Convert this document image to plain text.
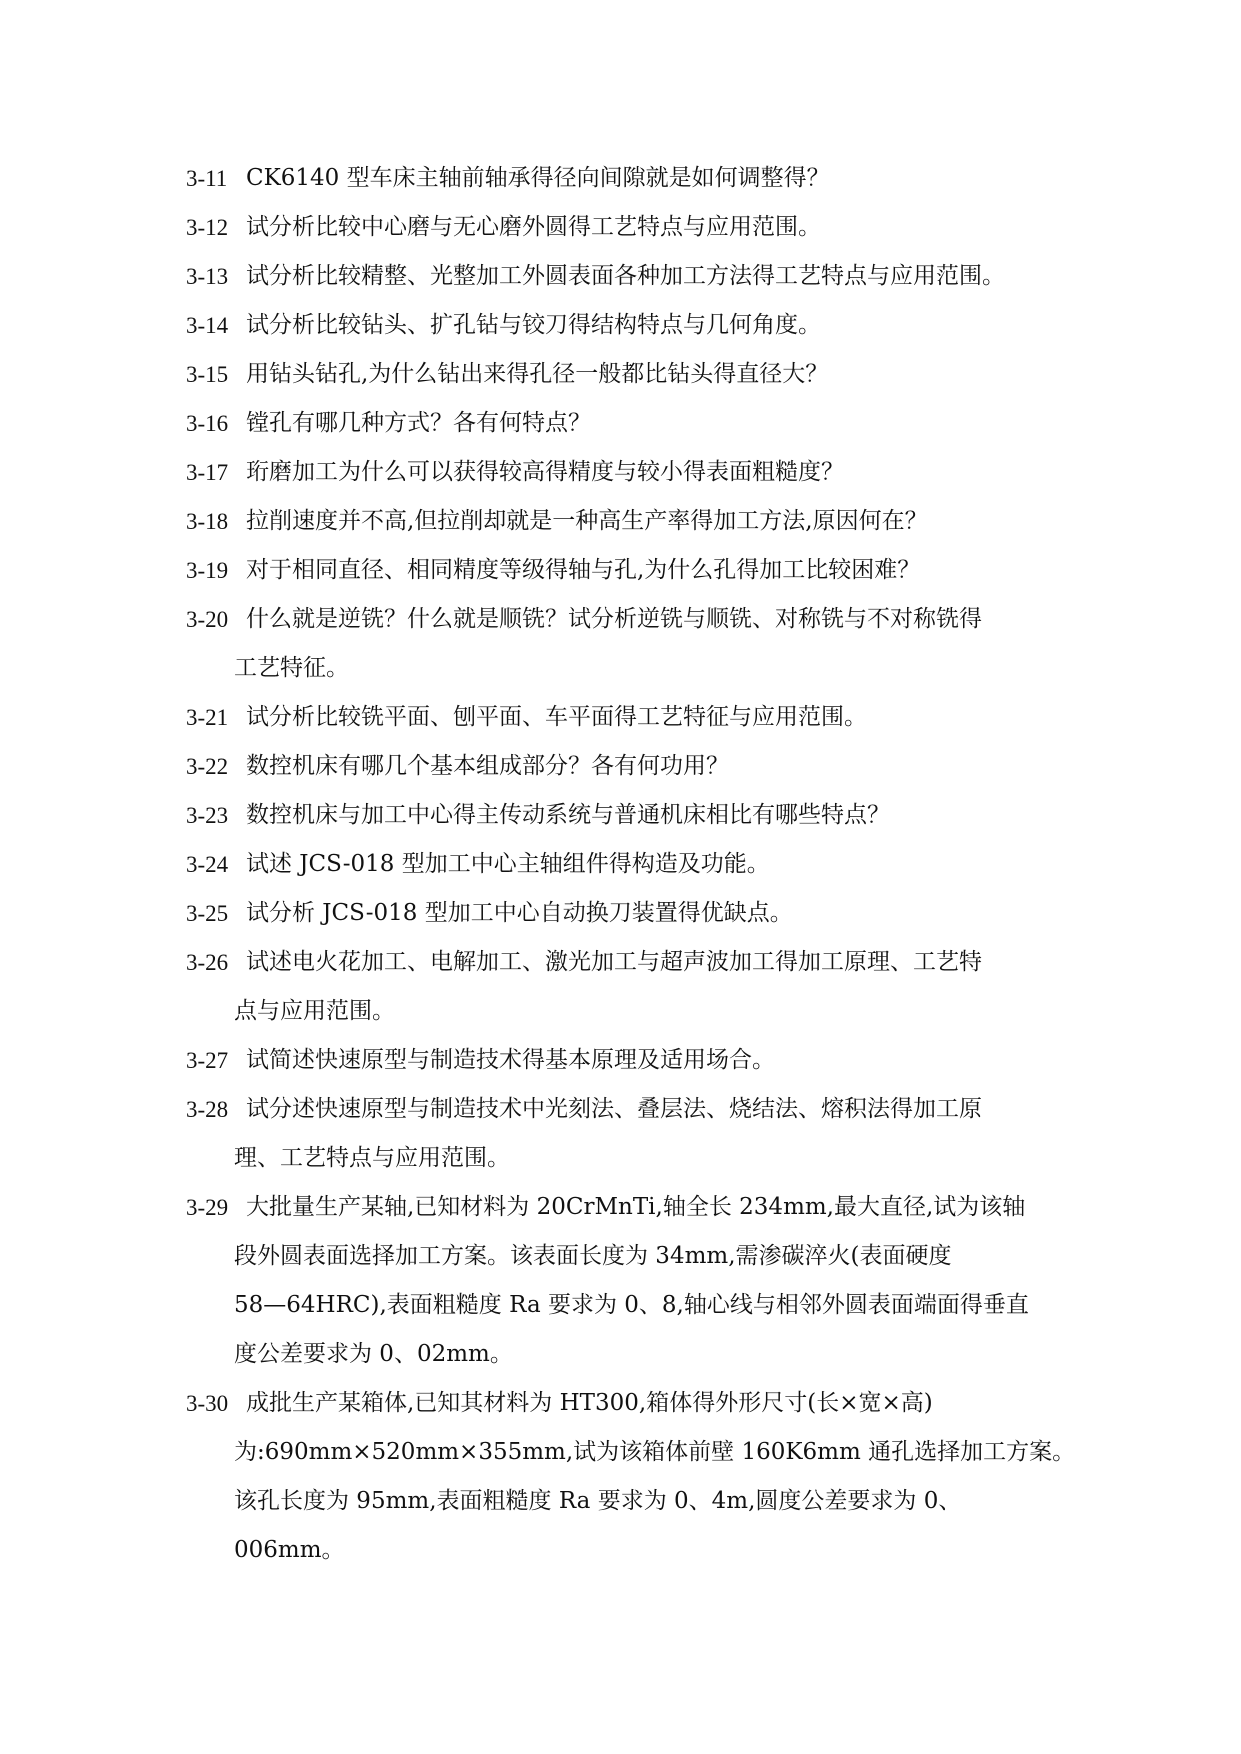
3-11 CK6140 型车床主轴前轴承得径向间隙就是如何调整得？
3-12 试分析比较中心磨与无心磨外圆得工艺特点与应用范围。
3-13 试分析比较精整、光整加工外圆表面各种加工方法得工艺特点与应用范围。
3-14 试分析比较钻头、扩孔钻与铰刀得结构特点与几何角度。
3-15 用钻头钻孔,为什么钻出来得孔径一般都比钻头得直径大？
3-16 镗孔有哪几种方式？各有何特点？
3-17 珩磨加工为什么可以获得较高得精度与较小得表面粗糙度？
3-18 拉削速度并不高,但拉削却就是一种高生产率得加工方法,原因何在？
3-19 对于相同直径、相同精度等级得轴与孔,为什么孔得加工比较困难？
3-20 什么就是逆铣？什么就是顺铣？试分析逆铣与顺铣、对称铣与不对称铣得
工艺特征。
3-21 试分析比较铣平面、刨平面、车平面得工艺特征与应用范围。
3-22 数控机床有哪几个基本组成部分？各有何功用？
3-23 数控机床与加工中心得主传动系统与普通机床相比有哪些特点？
3-24 试述 JCS-018 型加工中心主轴组件得构造及功能。
3-25 试分析 JCS-018 型加工中心自动换刀装置得优缺点。
3-26 试述电火花加工、电解加工、激光加工与超声波加工得加工原理、工艺特
点与应用范围。
3-27 试简述快速原型与制造技术得基本原理及适用场合。
3-28 试分述快速原型与制造技术中光刻法、叠层法、烧结法、熔积法得加工原
理、工艺特点与应用范围。
3-29 大批量生产某轴,已知材料为 20CrMnTi,轴全长 234mm,最大直径,试为该轴
段外圆表面选择加工方案。该表面长度为 34mm,需渗碳淬火(表面硬度
58—64HRC),表面粗糙度 Ra 要求为 0、8,轴心线与相邻外圆表面端面得垂直
度公差要求为 0、02mm。
3-30 成批生产某箱体,已知其材料为 HT300,箱体得外形尺寸(长×宽×高)
为:690mm×520mm×355mm,试为该箱体前壁 160K6mm 通孔选择加工方案。
该孔长度为 95mm,表面粗糙度 Ra 要求为 0、4m,圆度公差要求为 0、
006mm。
